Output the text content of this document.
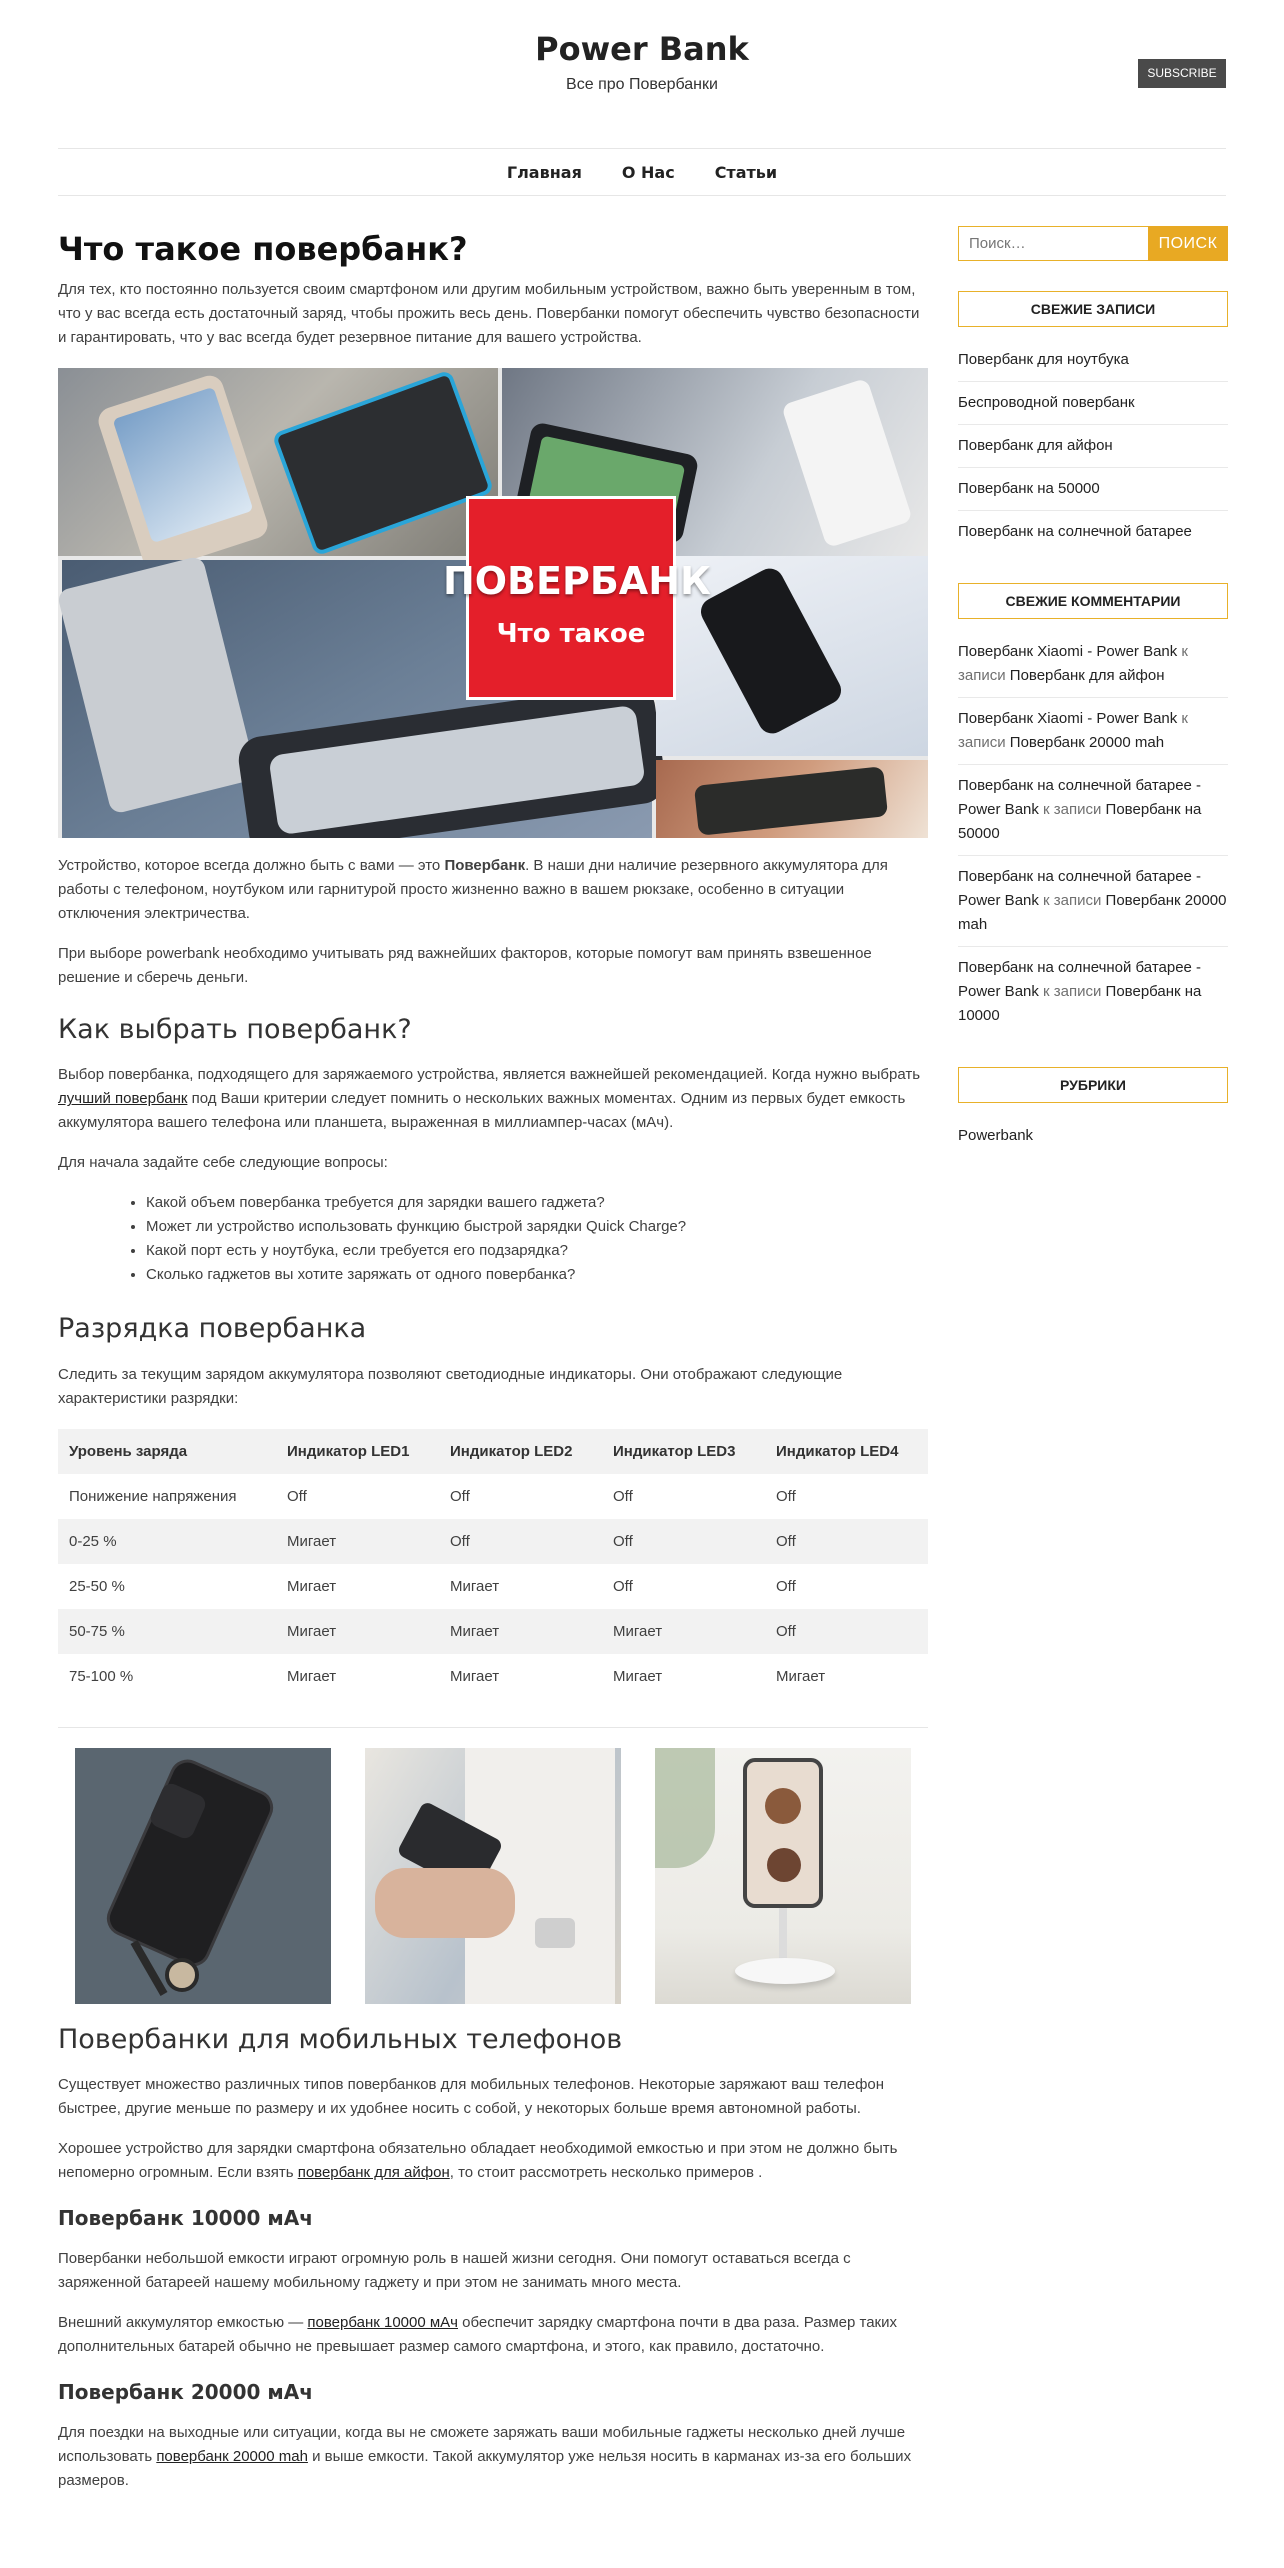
Power Bank
Все про Повербанки
SUBSCRIBE
Главная	О Нас	Статьи
Что такое повербанк?

Для тех, кто постоянно пользуется своим смартфоном или другим мобильным устройством, важно быть уверенным в том, что у вас всегда есть достаточный заряд, чтобы прожить весь день. Повербанки помогут обеспечить чувство безопасности и гарантировать, что у вас всегда будет резервное питание для вашего устройства.

ПОВЕРБАНК
Что такое

Устройство, которое всегда должно быть с вами — это Повербанк. В наши дни наличие резервного аккумулятора для работы с телефоном, ноутбуком или гарнитурой просто жизненно важно в вашем рюкзаке, особенно в ситуации отключения электричества.

При выборе powerbank необходимо учитывать ряд важнейших факторов, которые помогут вам принять взвешенное решение и сберечь деньги.

Как выбрать повербанк?

Выбор повербанка, подходящего для заряжаемого устройства, является важнейшей рекомендацией. Когда нужно выбрать лучший повербанк под Ваши критерии следует помнить о нескольких важных моментах. Одним из первых будет емкость аккумулятора вашего телефона или планшета, выраженная в миллиампер-часах (мАч).

Для начала задайте себе следующие вопросы:

• Какой объем повербанка требуется для зарядки вашего гаджета?
• Может ли устройство использовать функцию быстрой зарядки Quick Charge?
• Какой порт есть у ноутбука, если требуется его подзарядка?
• Сколько гаджетов вы хотите заряжать от одного повербанка?
Разрядка повербанка

Следить за текущим зарядом аккумулятора позволяют светодиодные индикаторы. Они отображают следующие характеристики разрядки:

Уровень заряда	Индикатор LED1	Индикатор LED2	Индикатор LED3	Индикатор LED4
Понижение напряжения	Off	Off	Off	Off
0-25 %	Мигает	Off	Off	Off
25-50 %	Мигает	Мигает	Off	Off
50-75 %	Мигает	Мигает	Мигает	Off
75-100 %	Мигает	Мигает	Мигает	Мигает
Повербанки для мобильных телефонов

Существует множество различных типов повербанков для мобильных телефонов. Некоторые заряжают ваш телефон быстрее, другие меньше по размеру и их удобнее носить с собой, у некоторых больше время автономной работы.

Хорошее устройство для зарядки смартфона обязательно обладает необходимой емкостью и при этом не должно быть непомерно огромным. Если взять повербанк для айфон, то стоит рассмотреть несколько примеров .

Повербанк 10000 мАч

Повербанки небольшой емкости играют огромную роль в нашей жизни сегодня. Они помогут оставаться всегда с заряженной батареей нашему мобильному гаджету и при этом не занимать много места.

Внешний аккумулятор емкостью — повербанк 10000 мАч обеспечит зарядку смартфона почти в два раза. Размер таких дополнительных батарей обычно не превышает размер самого смартфона, и этого, как правило, достаточно.

Повербанк 20000 мАч

Для поездки на выходные или ситуации, когда вы не сможете заряжать ваши мобильные гаджеты несколько дней лучше использовать повербанк 20000 mah и выше емкости. Такой аккумулятор уже нельзя носить в карманах из-за его больших размеров.

Поиск…
ПОИСК
СВЕЖИЕ ЗАПИСИ
Повербанк для ноутбука
Беспроводной повербанк
Повербанк для айфон
Повербанк на 50000
Повербанк на солнечной батарее
СВЕЖИЕ КОММЕНТАРИИ
Повербанк Xiaomi - Power Bank к записи Повербанк для айфон
Повербанк Xiaomi - Power Bank к записи Повербанк 20000 mah
Повербанк на солнечной батарее - Power Bank к записи Повербанк на 50000
Повербанк на солнечной батарее - Power Bank к записи Повербанк 20000 mah
Повербанк на солнечной батарее - Power Bank к записи Повербанк на 10000
РУБРИКИ
Powerbank
